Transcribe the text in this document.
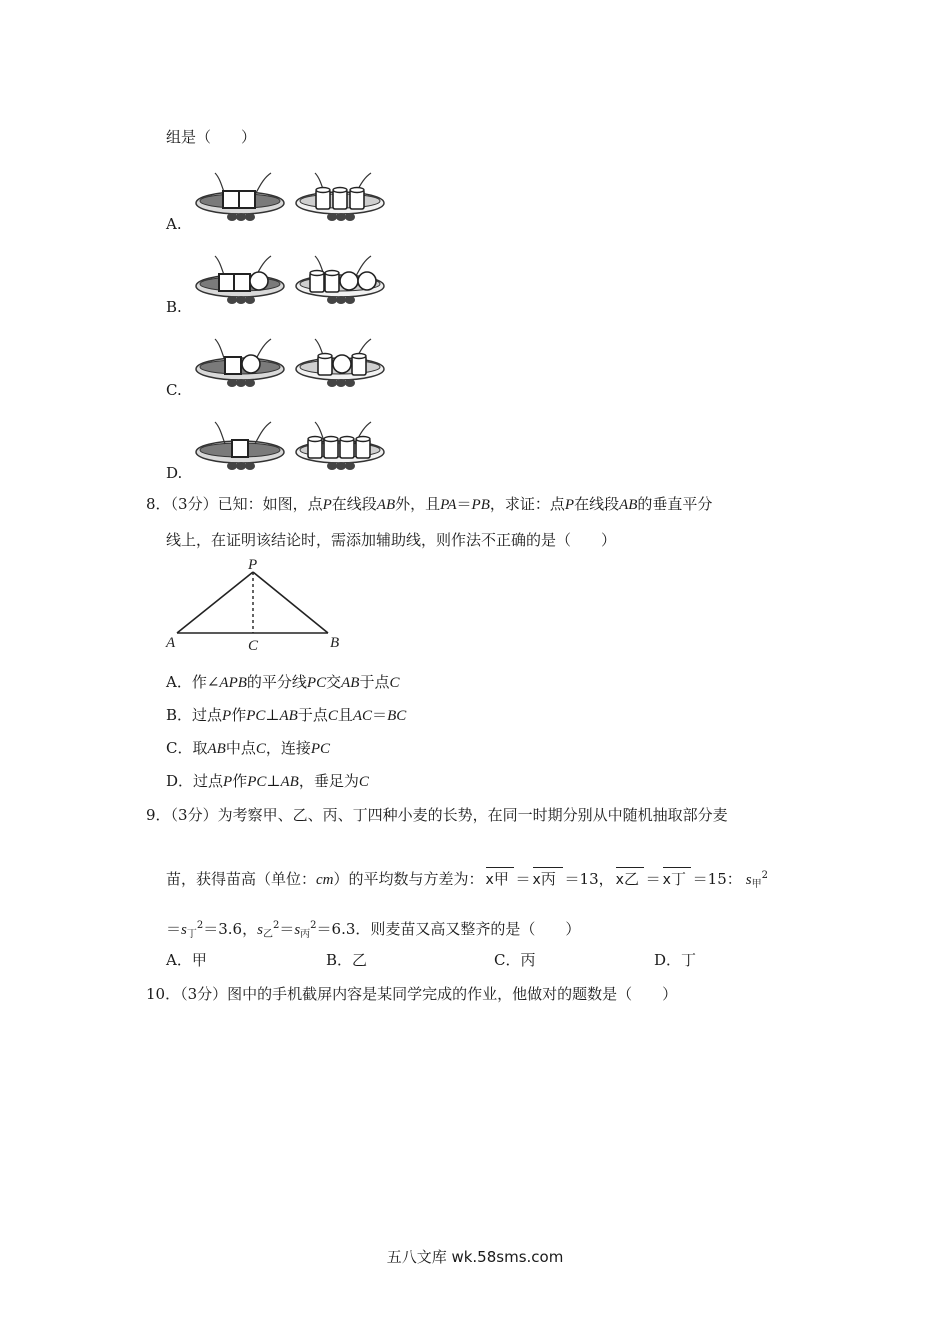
组是（　　）
A.
B.
C.
D.
8．（3分）已知：如图，点P在线段AB外，且PA＝PB，求证：点P在线段AB的垂直平分
线上，在证明该结论时，需添加辅助线，则作法不正确的是（　　）
P
A	B
C
A．作∠APB的平分线PC交AB于点C
B．过点P作PC⊥AB于点C且AC＝BC
C．取AB中点C，连接PC
D．过点P作PC⊥AB，垂足为C
9．（3分）为考察甲、乙、丙、丁四种小麦的长势，在同一时期分别从中随机抽取部分麦
苗，获得苗高（单位：cm）的平均数与方差为： x甲 ＝ x丙 ＝13， x乙 ＝ x丁 ＝15： $s_甲^2$
$=s_丁^2=3.6$，$s_乙^2=s_丙^2=6.3$．则麦苗又高又整齐的是（　　）
A．甲	B．乙	C．丙	D．丁
10．（3分）图中的手机截屏内容是某同学完成的作业，他做对的题数是（　　）
五八文库 wk.58sms.com
